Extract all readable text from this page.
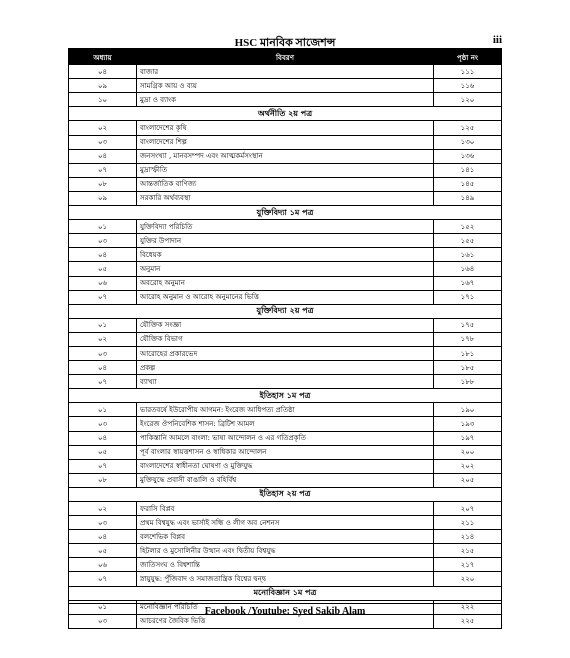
HSC মানবিক সাজেশন্স	iii
অধ্যায়	বিবরণ	পৃষ্ঠা নং
০৪	বাজার	১১১
০৯	সামগ্রিক আয় ও ব্যয়	১১৬
১০	মুদ্রা ও ব্যাংক	১২০
অর্থনীতি ২য় পত্র		
০২	বাংলাদেশের কৃষি	১২৫
০৩	বাংলাদেশের শিল্প	১৩০
০৪	জনসংখ্যা , মানবসম্পদ এবং আত্মকর্মসংস্থান	১৩৬
০৭	মুদ্রাস্ফীতি	১৪১
০৮	আন্তর্জাতিক বাণিজ্য	১৪৫
০৯	সরকারি অর্থব্যবস্থা	১৪৯
যুক্তিবিদ্যা ১ম পত্র		
০১	যুক্তিবিদ্যা পরিচিতি	১৫২
০৩	যুক্তির উপাদান	১৫৫
০৪	বিধেয়ক	১৬১
০৫	অনুমান	১৬৪
০৬	অবরোহ অনুমান	১৬৭
০৭	আরোহ অনুমান ও আরোহ অনুমানের ভিত্তি	১৭১
যুক্তিবিদ্যা ২য় পত্র		
০১	যৌক্তিক সংজ্ঞা	১৭৫
০২	যৌক্তিক বিভাগ	১৭৮
০৩	আরোহের প্রকারভেদ	১৮১
০৪	প্রকল্প	১৮৫
০৭	ব্যাখ্যা	১৮৮
ইতিহাস ১ম পত্র		
০১	ভারতবর্ষে ইউরোপীয় আগমন: ইংরেজ আধিপত্য প্রতিষ্ঠা	১৯০
০৩	ইংরেজ ঔপনিবেশিক শাসন: ব্রিটিশ আমল	১৯৩
০৪	পাকিস্তানি আমলে বাংলা: ভাষা আন্দোলন ও এর গতিপ্রকৃতি	১৯৭
০৫	পূর্ব বাংলার স্বায়ত্তশাসন ও স্বাধিকার আন্দোলন	২০০
০৭	বাংলাদেশের স্বাধীনতা ঘোষণা ও মুক্তিযুদ্ধ	২০২
০৮	মুক্তিযুদ্ধে প্রবাসী বাঙালি ও বহির্বিশ্ব	২০৫
ইতিহাস ২য় পত্র		
০২	ফরাসি বিপ্লব	২০৭
০৩	প্রথম বিশ্বযুদ্ধ এবং ভার্সাই সন্ধি ও লীগ অব নেশনস	২১১
০৪	বলশেভিক বিপ্লব	২১৪
০৫	হিটলার ও মুসোলিনীর উত্থান এবং দ্বিতীয় বিশ্বযুদ্ধ	২১৫
০৬	জাতিসংঘ ও বিশ্বশান্তি	২১৭
০৭	স্নায়ুযুদ্ধ: পুঁজিবাদ ও সমাজতান্ত্রিক বিশ্বের দ্বন্দ্ব	২২০
মনোবিজ্ঞান ১ম পত্র		
০১	মনোবিজ্ঞান পরিচিতি	২২২
০৩	আচরণের জৈবিক ভিত্তি	২২৫
Facebook /Youtube: Syed Sakib Alam
